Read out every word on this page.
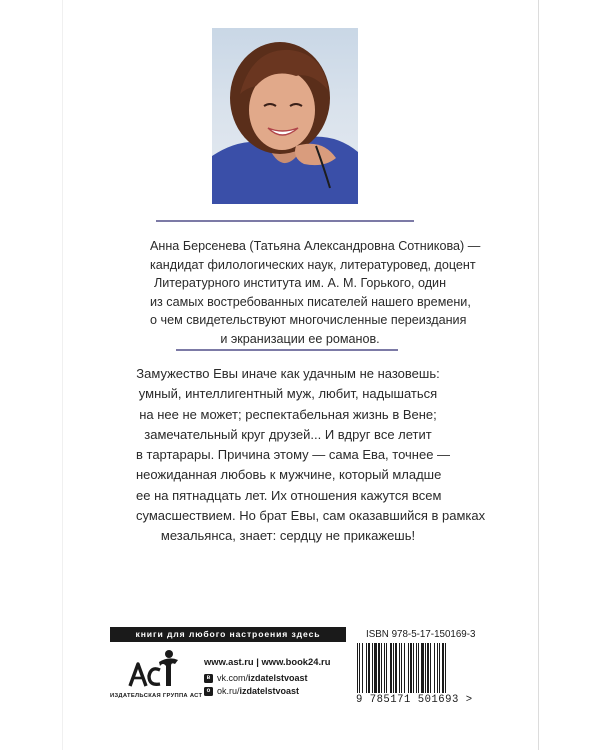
Анна Берсенева (Татьяна Александровна Сотникова) —
кандидат филологических наук, литературовед, доцент
Литературного института им. А. М. Горького, один
из самых востребованных писателей нашего времени,
о чем свидетельствуют многочисленные переиздания
и экранизации ее романов.
Замужество Евы иначе как удачным не назовешь:
умный, интеллигентный муж, любит, надышаться
на нее не может; респектабельная жизнь в Вене;
замечательный круг друзей... И вдруг все летит
в тартарары. Причина этому — сама Ева, точнее —
неожиданная любовь к мужчине, который младше
ее на пятнадцать лет. Их отношения кажутся всем
сумасшествием. Но брат Евы, сам оказавшийся в рамках
мезальянса, знает: сердцу не прикажешь!
книги для любого настроения здесь
ИЗДАТЕЛЬСКАЯ ГРУППА АСТ
www.ast.ru | www.book24.ru
в vk.com/ izdatelstvoast
о ok.ru/ izdatelstvoast
ISBN 978-5-17-150169-3
9 785171 501693 >
